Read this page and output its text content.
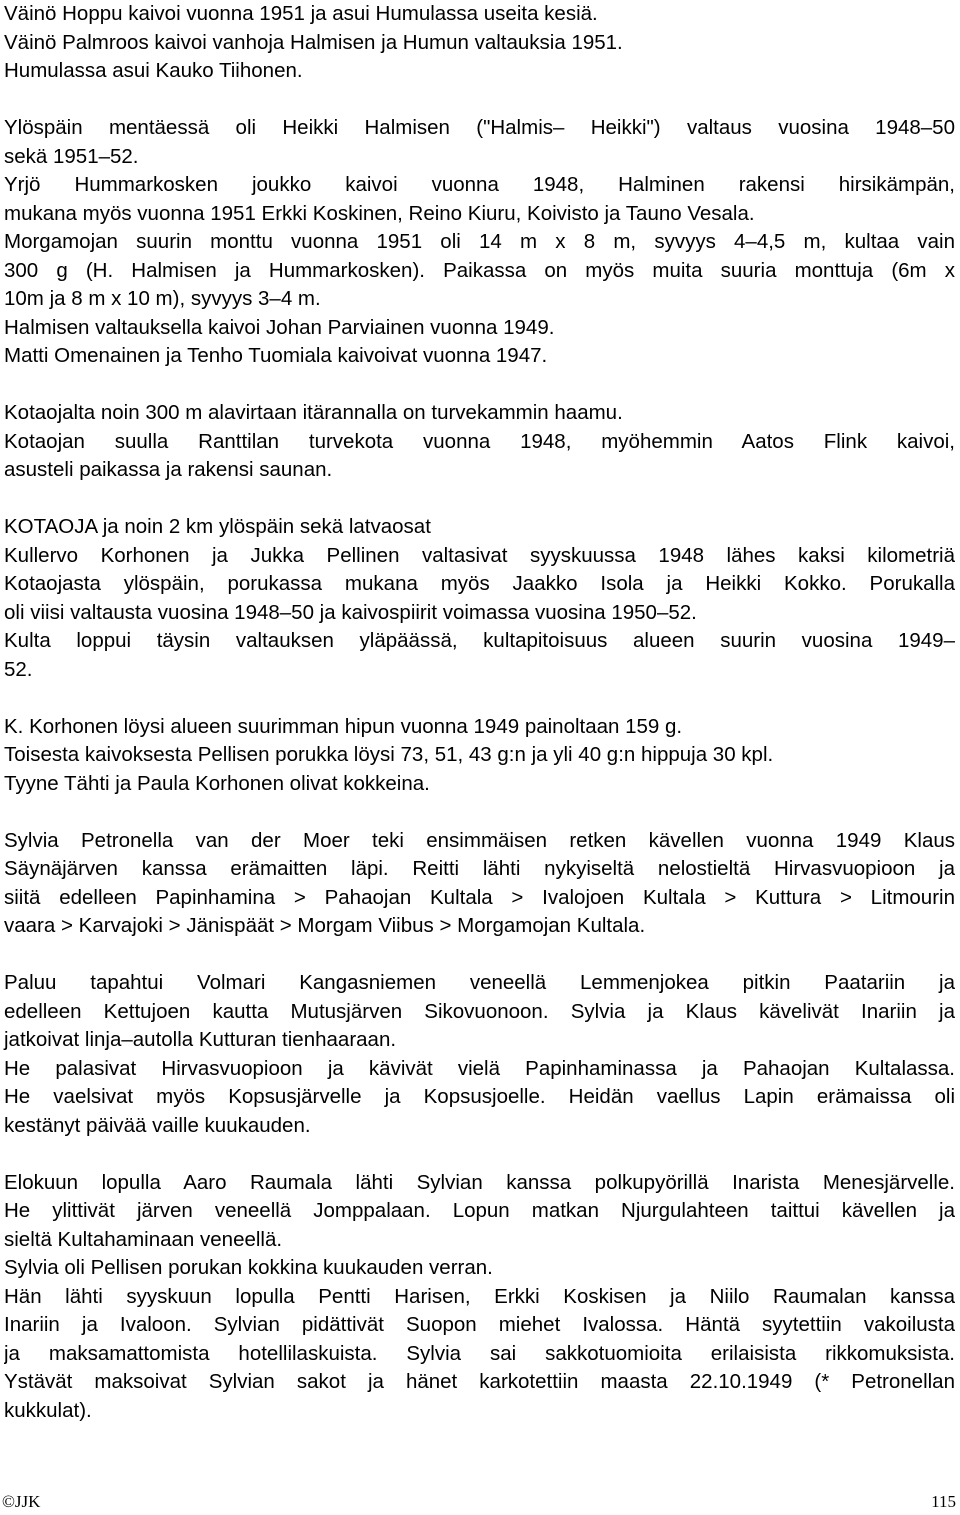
Väinö Hoppu kaivoi vuonna 1951 ja asui Humulassa useita kesiä.
Väinö Palmroos kaivoi vanhoja Halmisen ja Humun valtauksia 1951.
Humulassa asui Kauko Tiihonen.
Ylöspäin mentäessä oli Heikki Halmisen ("Halmis– Heikki") valtaus vuosina 1948–50
sekä 1951–52.
Yrjö Hummarkosken joukko kaivoi vuonna 1948, Halminen rakensi hirsikämpän,
mukana myös vuonna 1951 Erkki Koskinen, Reino Kiuru, Koivisto ja Tauno Vesala.
Morgamojan suurin monttu vuonna 1951 oli 14 m x 8 m, syvyys 4–4,5 m, kultaa vain
300 g (H. Halmisen ja Hummarkosken). Paikassa on myös muita suuria monttuja (6m x
10m ja 8 m x 10 m), syvyys 3–4 m.
Halmisen valtauksella kaivoi Johan Parviainen vuonna 1949.
Matti Omenainen ja Tenho Tuomiala kaivoivat vuonna 1947.
Kotaojalta noin 300 m alavirtaan itärannalla on turvekammin haamu.
Kotaojan suulla Ranttilan turvekota vuonna 1948, myöhemmin Aatos Flink kaivoi,
asusteli paikassa ja rakensi saunan.
KOTAOJA ja noin 2 km ylöspäin sekä latvaosat
Kullervo Korhonen ja Jukka Pellinen valtasivat syyskuussa 1948 lähes kaksi kilometriä
Kotaojasta ylöspäin, porukassa mukana myös Jaakko Isola ja Heikki Kokko. Porukalla
oli viisi valtausta vuosina 1948–50 ja kaivospiirit voimassa vuosina 1950–52.
Kulta loppui täysin valtauksen yläpäässä, kultapitoisuus alueen suurin vuosina 1949–
52.
K. Korhonen löysi alueen suurimman hipun vuonna 1949 painoltaan 159 g.
Toisesta kaivoksesta Pellisen porukka löysi 73, 51, 43 g:n ja yli 40 g:n hippuja 30 kpl.
Tyyne Tähti ja Paula Korhonen olivat kokkeina.
Sylvia Petronella van der Moer teki ensimmäisen retken kävellen vuonna 1949 Klaus
Säynäjärven kanssa erämaitten läpi. Reitti lähti nykyiseltä nelostieltä Hirvasvuopioon ja
siitä edelleen Papinhamina > Pahaojan Kultala > Ivalojoen Kultala > Kuttura > Litmourin
vaara > Karvajoki > Jänispäät > Morgam Viibus > Morgamojan Kultala.
Paluu tapahtui Volmari Kangasniemen veneellä Lemmenjokea pitkin Paatariin ja
edelleen Kettujoen kautta Mutusjärven Sikovuonoon. Sylvia ja Klaus kävelivät Inariin ja
jatkoivat linja–autolla Kutturan tienhaaraan.
He palasivat Hirvasvuopioon ja kävivät vielä Papinhaminassa ja Pahaojan Kultalassa.
He vaelsivat myös Kopsusjärvelle ja Kopsusjoelle. Heidän vaellus Lapin erämaissa oli
kestänyt päivää vaille kuukauden.
Elokuun lopulla Aaro Raumala lähti Sylvian kanssa polkupyörillä Inarista Menesjärvelle.
He ylittivät järven veneellä Jomppalaan. Lopun matkan Njurgulahteen taittui kävellen ja
sieltä Kultahaminaan veneellä.
Sylvia oli Pellisen porukan kokkina kuukauden verran.
Hän lähti syyskuun lopulla Pentti Harisen, Erkki Koskisen ja Niilo Raumalan kanssa
Inariin ja Ivaloon. Sylvian pidättivät Suopon miehet Ivalossa. Häntä syytettiin vakoilusta
ja maksamattomista hotellilaskuista. Sylvia sai sakkotuomioita erilaisista rikkomuksista.
Ystävät maksoivat Sylvian sakot ja hänet karkotettiin maasta 22.10.1949 (* Petronellan
kukkulat).
©JJK	115
